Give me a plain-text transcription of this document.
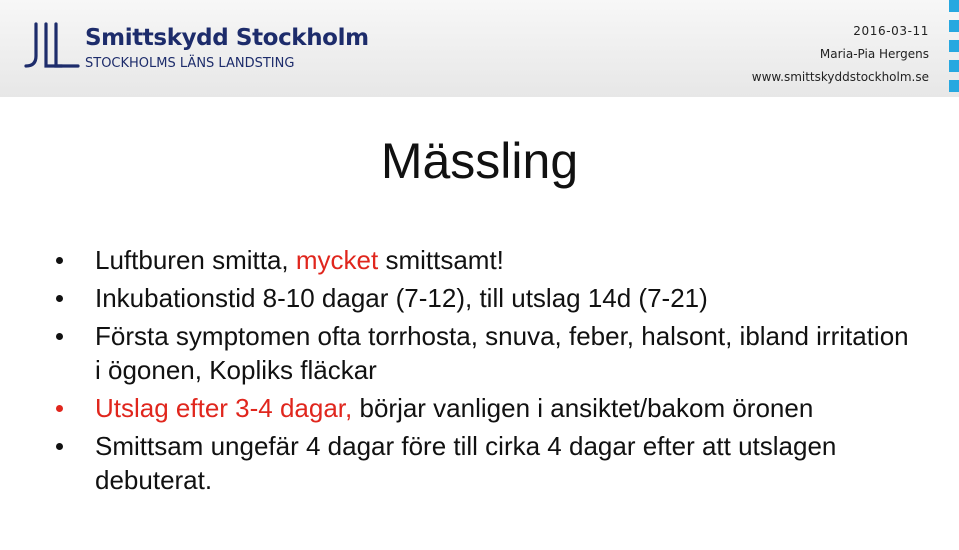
Smittskydd Stockholm
STOCKHOLMS LÄNS LANDSTING
2016-03-11
Maria-Pia Hergens
www.smittskyddstockholm.se
Mässling
Luftburen smitta, mycket smittsamt!
Inkubationstid 8-10 dagar (7-12), till utslag 14d (7-21)
Första symptomen ofta torrhosta, snuva, feber, halsont, ibland irritation i ögonen, Kopliks fläckar
Utslag efter 3-4 dagar, börjar vanligen i ansiktet/bakom öronen
Smittsam ungefär 4 dagar före till cirka 4 dagar efter att utslagen debuterat.
